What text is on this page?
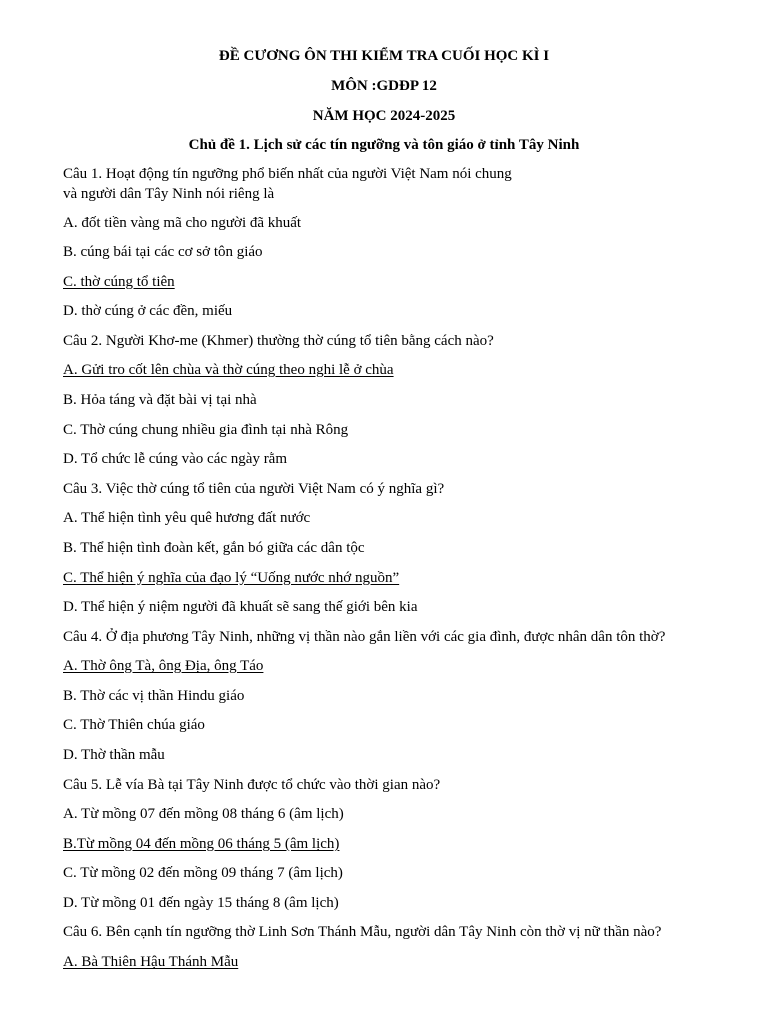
ĐỀ CƯƠNG ÔN THI KIỂM TRA CUỐI HỌC KÌ I
MÔN :GDĐP 12
NĂM HỌC 2024-2025
Chủ đề 1. Lịch sử các tín ngưỡng và tôn giáo ở tỉnh Tây Ninh
Câu 1. Hoạt động tín ngưỡng phổ biến nhất của người Việt Nam nói chung
và người dân Tây Ninh nói riêng là
A. đốt tiền vàng mã cho người đã khuất
B. cúng bái tại các cơ sở tôn giáo
C. thờ cúng tổ tiên
D. thờ cúng ở các đền, miếu
Câu 2. Người Khơ-me (Khmer) thường thờ cúng tổ tiên bằng cách nào?
A. Gửi tro cốt lên chùa và thờ cúng theo nghi lễ ở chùa
B. Hỏa táng và đặt bài vị tại nhà
C. Thờ cúng chung nhiều gia đình tại nhà Rông
D. Tổ chức lễ cúng vào các ngày rằm
Câu 3. Việc thờ cúng tổ tiên của người Việt Nam có ý nghĩa gì?
A. Thể hiện tình yêu quê hương đất nước
B. Thể hiện tình đoàn kết, gắn bó giữa các dân tộc
C. Thể hiện ý nghĩa của đạo lý “Uống nước nhớ nguồn”
D. Thể hiện ý niệm người đã khuất sẽ sang thế giới bên kia
Câu 4. Ở địa phương Tây Ninh, những vị thần nào gắn liền với các gia đình, được nhân dân tôn thờ?
A. Thờ ông Tà, ông Địa, ông Táo
B. Thờ các vị thần Hindu giáo
C. Thờ Thiên chúa giáo
D. Thờ thần mẫu
Câu 5. Lễ vía Bà tại Tây Ninh được tổ chức vào thời gian nào?
A. Từ mồng 07 đến mồng 08 tháng 6 (âm lịch)
B.Từ mồng 04 đến mồng 06 tháng 5 (âm lịch)
C. Từ mồng 02 đến mồng 09 tháng 7 (âm lịch)
D. Từ mồng 01 đến ngày 15 tháng 8 (âm lịch)
Câu 6. Bên cạnh tín ngưỡng thờ Linh Sơn Thánh Mẫu, người dân Tây Ninh còn thờ vị nữ thần nào?
A. Bà Thiên Hậu Thánh Mẫu
